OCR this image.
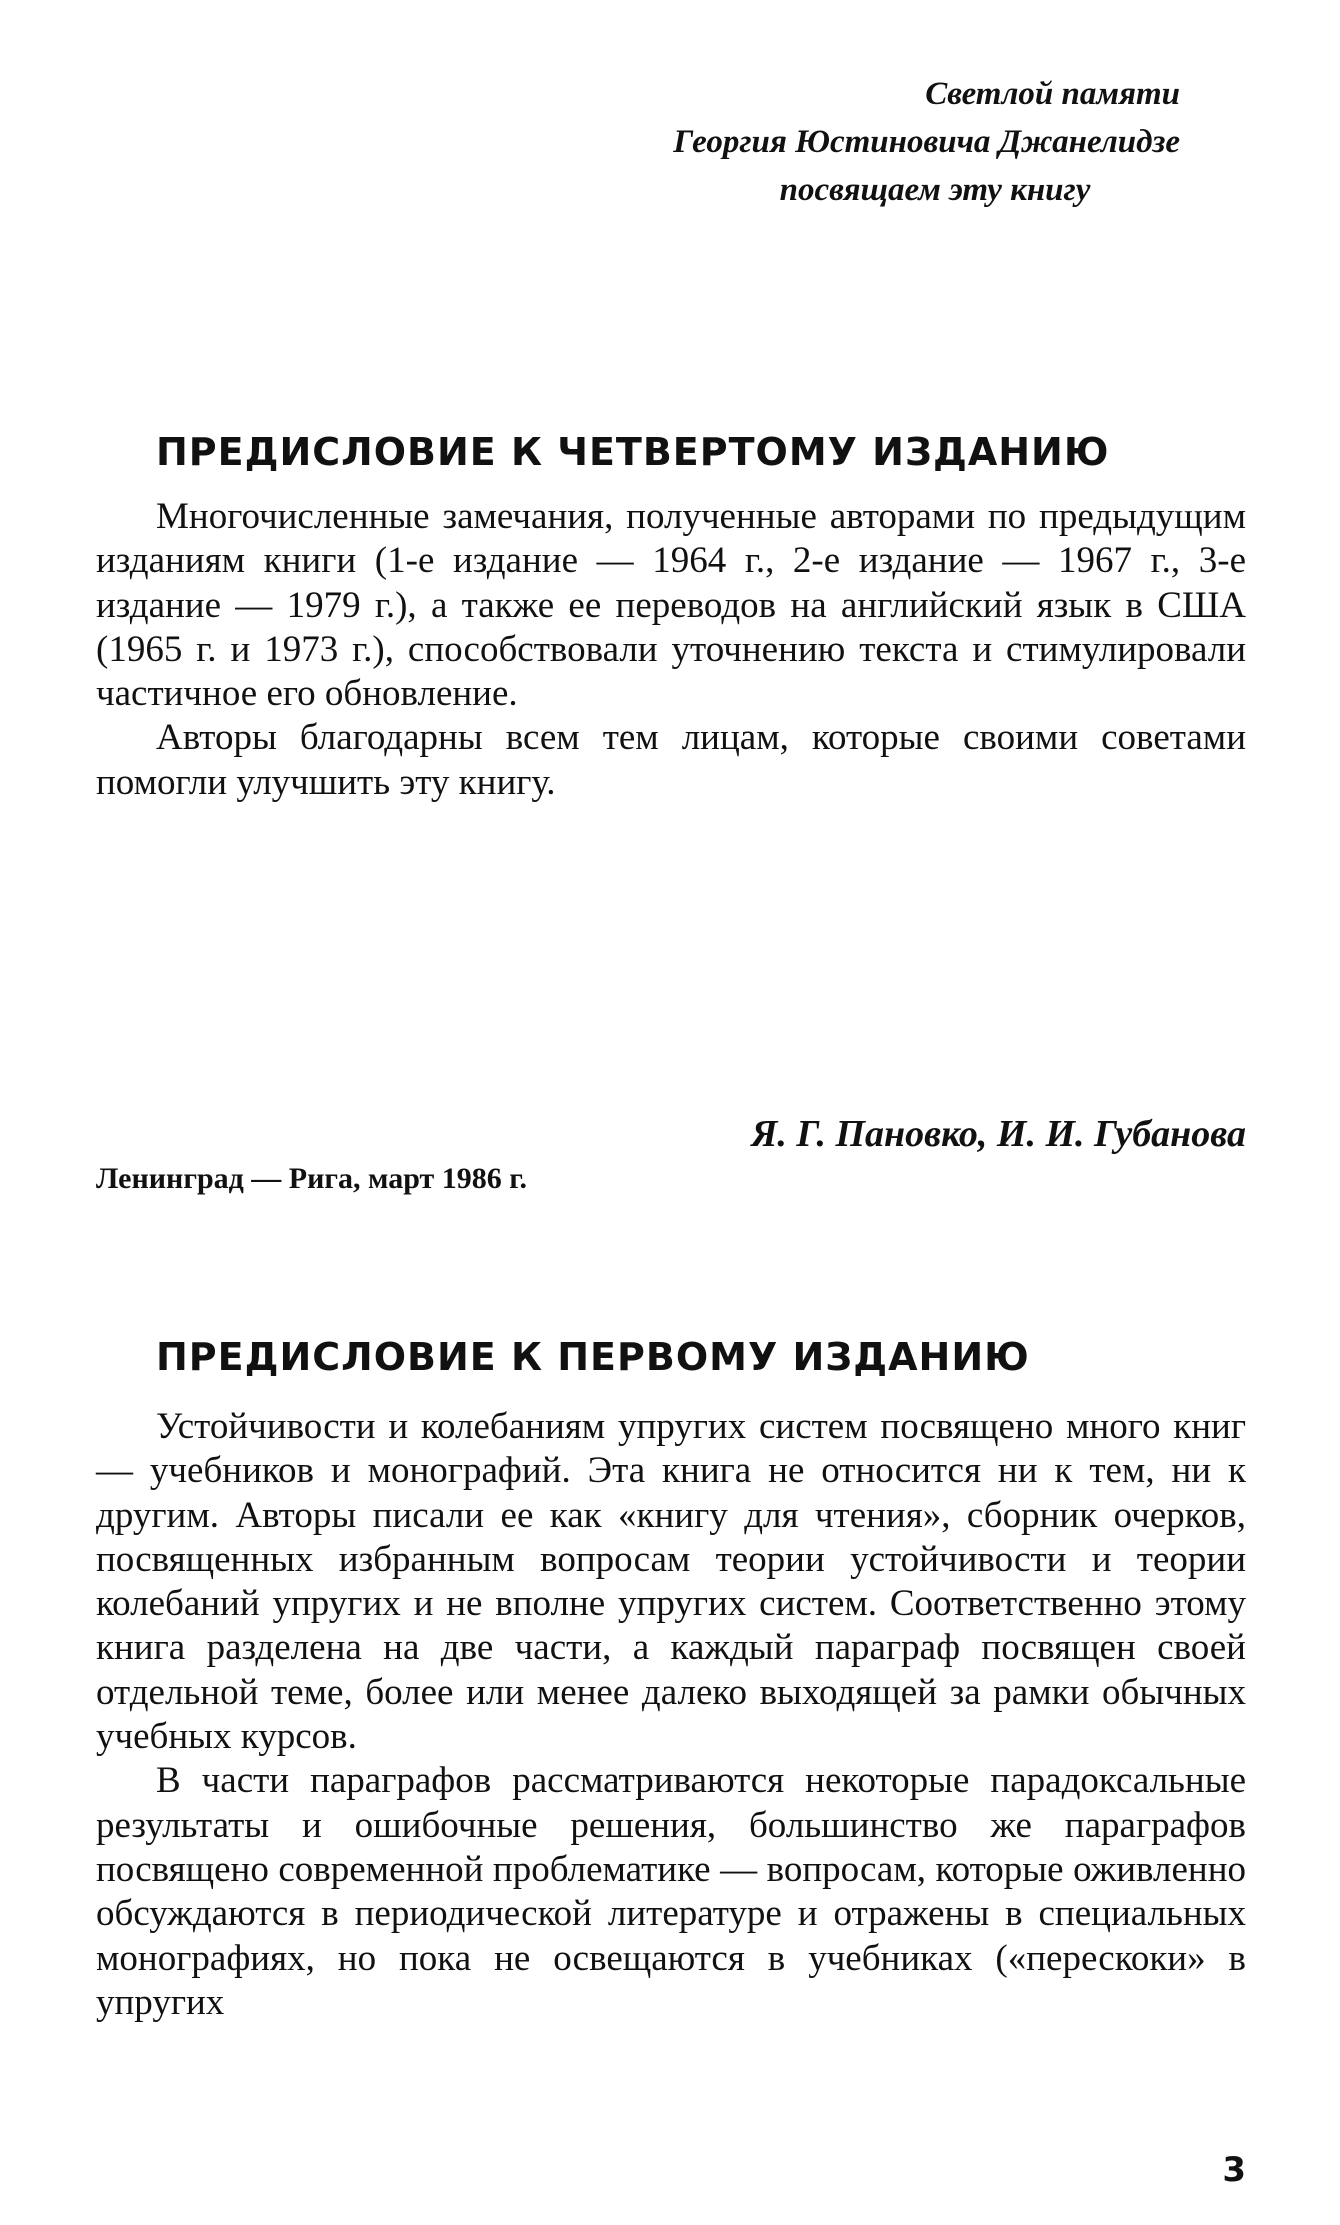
Светлой памяти
Георгия Юстиновича Джанелидзе
посвящаем эту книгу
ПРЕДИСЛОВИЕ К ЧЕТВЕРТОМУ ИЗДАНИЮ

Многочисленные замечания, полученные авторами по предыдущим изданиям книги (1-е издание — 1964 г., 2-е издание — 1967 г., 3-е издание — 1979 г.), а также ее переводов на английский язык в США (1965 г. и 1973 г.), способствовали уточнению текста и стимулировали частичное его обновление.

Авторы благодарны всем тем лицам, которые своими советами помогли улучшить эту книгу.

Я. Г. Пановко, И. И. Губанова
Ленинград — Рига, март 1986 г.
ПРЕДИСЛОВИЕ К ПЕРВОМУ ИЗДАНИЮ

Устойчивости и колебаниям упругих систем посвящено много книг — учебников и монографий. Эта книга не относится ни к тем, ни к другим. Авторы писали ее как «книгу для чтения», сборник очерков, посвященных избранным вопросам теории устойчивости и теории колебаний упругих и не вполне упругих систем. Соответственно этому книга разделена на две части, а каждый параграф посвящен своей отдельной теме, более или менее далеко выходящей за рамки обычных учебных курсов.

В части параграфов рассматриваются некоторые парадоксальные результаты и ошибочные решения, большинство же параграфов посвящено современной проблематике — вопросам, которые оживленно обсуждаются в периодической литературе и отражены в специальных монографиях, но пока не освещаются в учебниках («перескоки» в упругих

3
